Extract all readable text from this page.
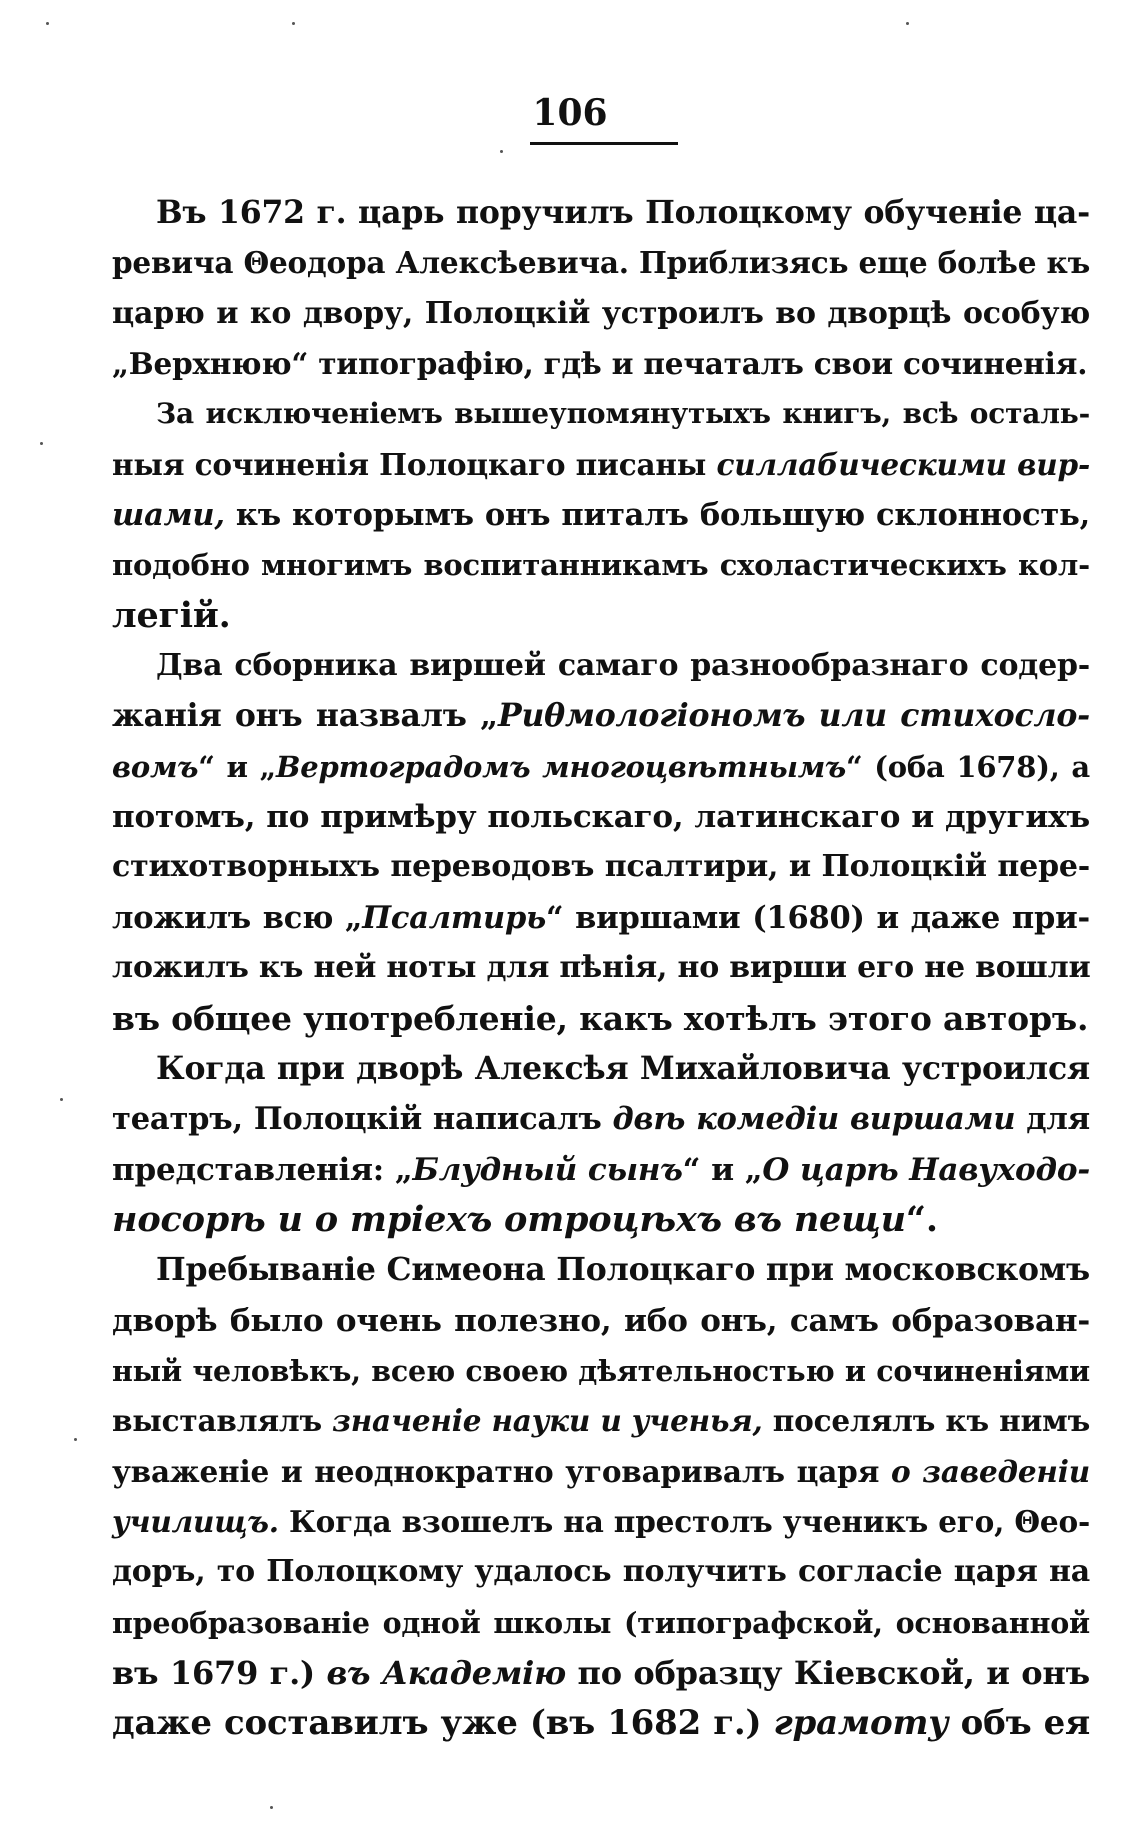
106
Въ 1672 г. царь поручилъ Полоцкому обученіе ца-
ревича Θеодора Алексѣевича. Приблизясь еще болѣе къ
царю и ко двору, Полоцкій устроилъ во дворцѣ особую
„Верхнюю“ типографію, гдѣ и печаталъ свои сочиненія.
За исключеніемъ вышеупомянутыхъ книгъ, всѣ осталь-
ныя сочиненія Полоцкаго писаны силлабическими вир-
шами, къ которымъ онъ питалъ большую склонность,
подобно многимъ воспитанникамъ схоластическихъ кол-
легій.
Два сборника виршей самаго разнообразнаго содер-
жанія онъ назвалъ „Риθмологіономъ или стихосло-
вомъ“ и „Вертоградомъ многоцвѣтнымъ“ (оба 1678), а
потомъ, по примѣру польскаго, латинскаго и другихъ
стихотворныхъ переводовъ псалтири, и Полоцкій пере-
ложилъ всю „Псалтирь“ виршами (1680) и даже при-
ложилъ къ ней ноты для пѣнія, но вирши его не вошли
въ общее употребленіе, какъ хотѣлъ этого авторъ.
Когда при дворѣ Алексѣя Михайловича устроился
театръ, Полоцкій написалъ двѣ комедіи виршами для
представленія: „Блудный сынъ“ и „О царѣ Навуходо-
носорѣ и о тріехъ отроцѣхъ въ пещи“.
Пребываніе Симеона Полоцкаго при московскомъ
дворѣ было очень полезно, ибо онъ, самъ образован-
ный человѣкъ, всею своею дѣятельностью и сочиненіями
выставлялъ значеніе науки и ученья, поселялъ къ нимъ
уваженіе и неоднократно уговаривалъ царя о заведеніи
училищъ. Когда взошелъ на престолъ ученикъ его, Θео-
доръ, то Полоцкому удалось получить согласіе царя на
преобразованіе одной школы (типографской, основанной
въ 1679 г.) въ Академію по образцу Кіевской, и онъ
даже составилъ уже (въ 1682 г.) грамоту объ ея
